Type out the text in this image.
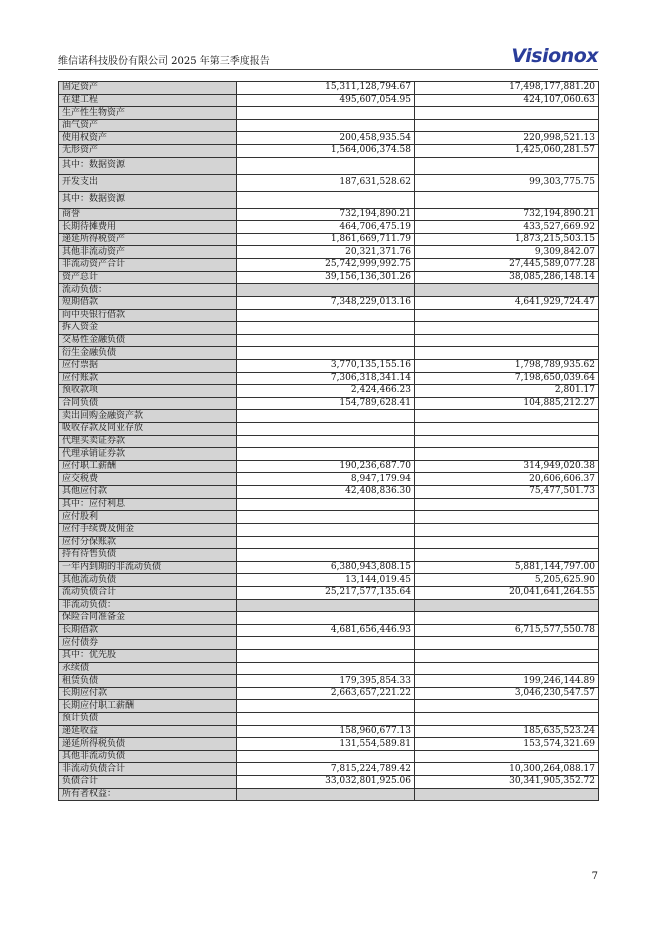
维信诺科技股份有限公司 2025 年第三季度报告	Visionox
固定资产	15,311,128,794.67	17,498,177,881.20
在建工程	495,607,054.95	424,107,060.63
生产性生物资产		
油气资产		
使用权资产	200,458,935.54	220,998,521.13
无形资产	1,564,006,374.58	1,425,060,281.57
其中：数据资源		
开发支出	187,631,528.62	99,303,775.75
其中：数据资源		
商誉	732,194,890.21	732,194,890.21
长期待摊费用	464,706,475.19	433,527,669.92
递延所得税资产	1,861,669,711.79	1,873,215,503.15
其他非流动资产	20,321,371.76	9,309,842.07
非流动资产合计	25,742,999,992.75	27,445,589,077.28
资产总计	39,156,136,301.26	38,085,286,148.14
流动负债：		
短期借款	7,348,229,013.16	4,641,929,724.47
向中央银行借款		
拆入资金		
交易性金融负债		
衍生金融负债		
应付票据	3,770,135,155.16	1,798,789,935.62
应付账款	7,306,318,341.14	7,198,650,039.64
预收款项	2,424,466.23	2,801.17
合同负债	154,789,628.41	104,885,212.27
卖出回购金融资产款		
吸收存款及同业存放		
代理买卖证券款		
代理承销证券款		
应付职工薪酬	190,236,687.70	314,949,020.38
应交税费	8,947,179.94	20,606,606.37
其他应付款	42,408,836.30	75,477,501.73
其中：应付利息		
应付股利		
应付手续费及佣金		
应付分保账款		
持有待售负债		
一年内到期的非流动负债	6,380,943,808.15	5,881,144,797.00
其他流动负债	13,144,019.45	5,205,625.90
流动负债合计	25,217,577,135.64	20,041,641,264.55
非流动负债：		
保险合同准备金		
长期借款	4,681,656,446.93	6,715,577,550.78
应付债券		
其中：优先股		
永续债		
租赁负债	179,395,854.33	199,246,144.89
长期应付款	2,663,657,221.22	3,046,230,547.57
长期应付职工薪酬		
预计负债		
递延收益	158,960,677.13	185,635,523.24
递延所得税负债	131,554,589.81	153,574,321.69
其他非流动负债		
非流动负债合计	7,815,224,789.42	10,300,264,088.17
负债合计	33,032,801,925.06	30,341,905,352.72
所有者权益：		
7
